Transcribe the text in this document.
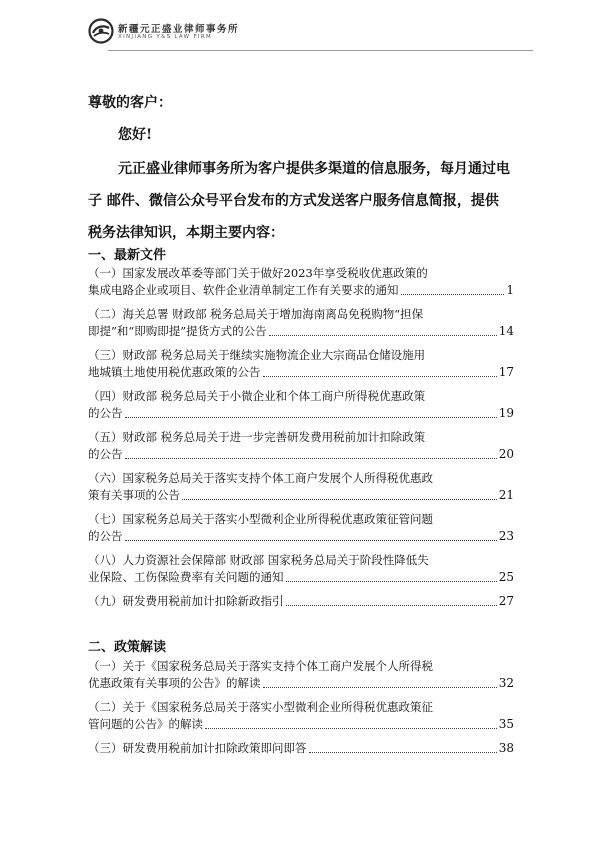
新疆元正盛业律师事务所
XINJIANG Y&S LAW FIRM
尊敬的客户：
您好!
元正盛业律师事务所为客户提供多渠道的信息服务，每月通过电
子 邮件、微信公众号平台发布的方式发送客户服务信息简报，提供
税务法律知识，本期主要内容：
一、最新文件
（一）国家发展改革委等部门关于做好2023年享受税收优惠政策的
集成电路企业或项目、软件企业清单制定工作有关要求的通知	1
（二）海关总署 财政部 税务总局关于增加海南离岛免税购物“担保
即提”和“即购即提”提货方式的公告	14
（三）财政部 税务总局关于继续实施物流企业大宗商品仓储设施用
地城镇土地使用税优惠政策的公告	17
（四）财政部 税务总局关于小微企业和个体工商户所得税优惠政策
的公告	19
（五）财政部 税务总局关于进一步完善研发费用税前加计扣除政策
的公告	20
（六）国家税务总局关于落实支持个体工商户发展个人所得税优惠政
策有关事项的公告	21
（七）国家税务总局关于落实小型微利企业所得税优惠政策征管问题
的公告	23
（八）人力资源社会保障部 财政部 国家税务总局关于阶段性降低失
业保险、工伤保险费率有关问题的通知	25
（九）研发费用税前加计扣除新政指引	27
二、政策解读
（一）关于《国家税务总局关于落实支持个体工商户发展个人所得税
优惠政策有关事项的公告》的解读	32
（二）关于《国家税务总局关于落实小型微利企业所得税优惠政策征
管问题的公告》的解读	35
（三）研发费用税前加计扣除政策即问即答	38
